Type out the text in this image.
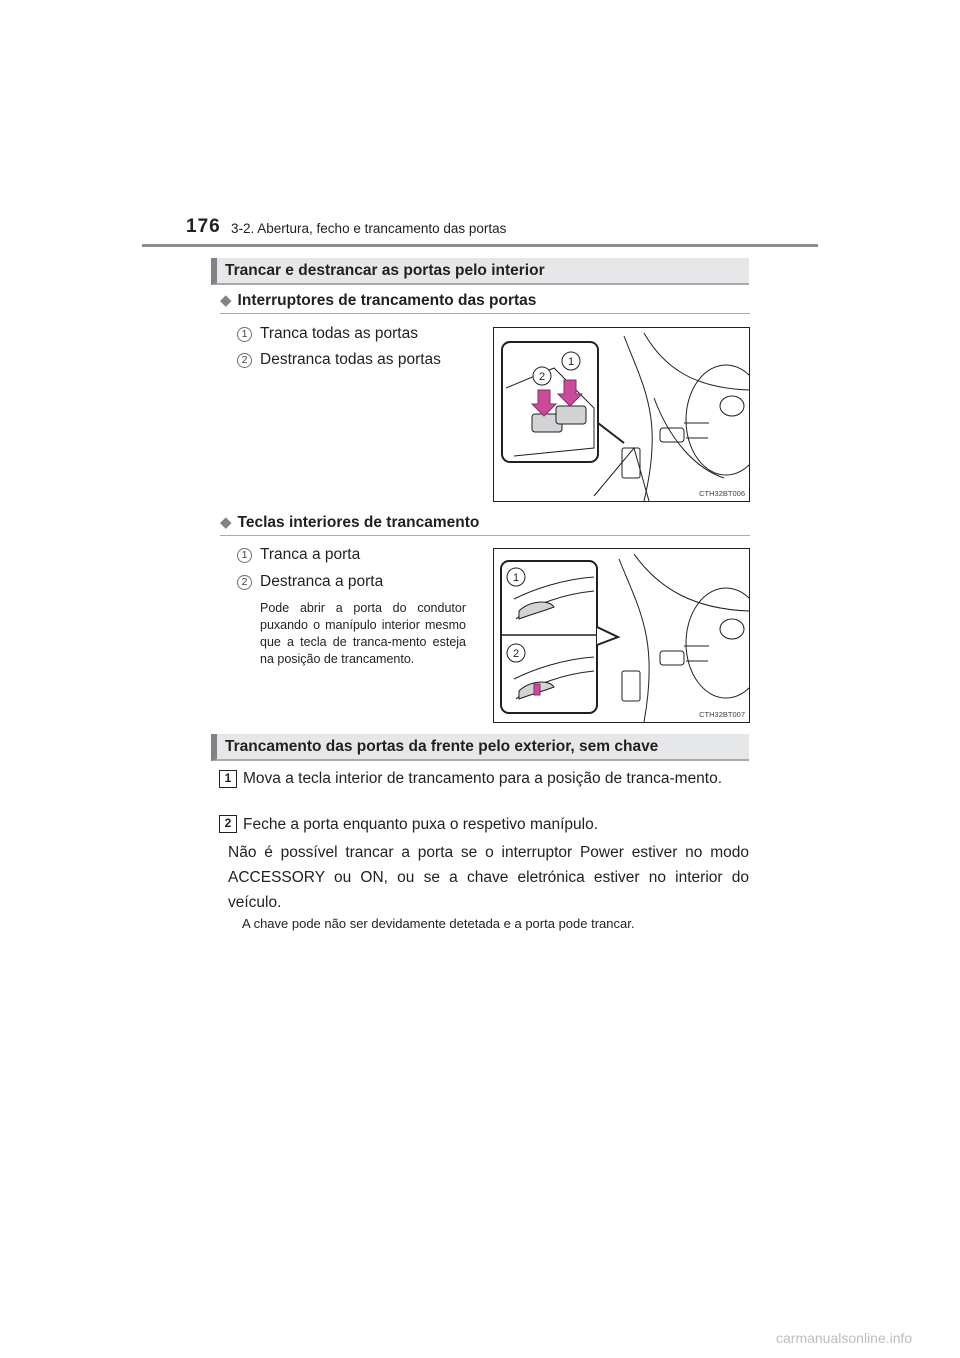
176 3-2. Abertura, fecho e trancamento das portas
Trancar e destrancar as portas pelo interior
◆ Interruptores de trancamento das portas
1 Tranca todas as portas
2 Destranca todas as portas
2
1
CTH32BT006
◆ Teclas interiores de trancamento
1 Tranca a porta
2 Destranca a porta
Pode abrir a porta do condutor puxando o manípulo interior mesmo que a tecla de tranca-mento esteja na posição de trancamento.
1
2
CTH32BT007
Trancamento das portas da frente pelo exterior, sem chave
1 Mova a tecla interior de trancamento para a posição de tranca-mento.
2 Feche a porta enquanto puxa o respetivo manípulo.
Não é possível trancar a porta se o interruptor Power estiver no modo ACCESSORY ou ON, ou se a chave eletrónica estiver no interior do veículo.
A chave pode não ser devidamente detetada e a porta pode trancar.
carmanualsonline.info
